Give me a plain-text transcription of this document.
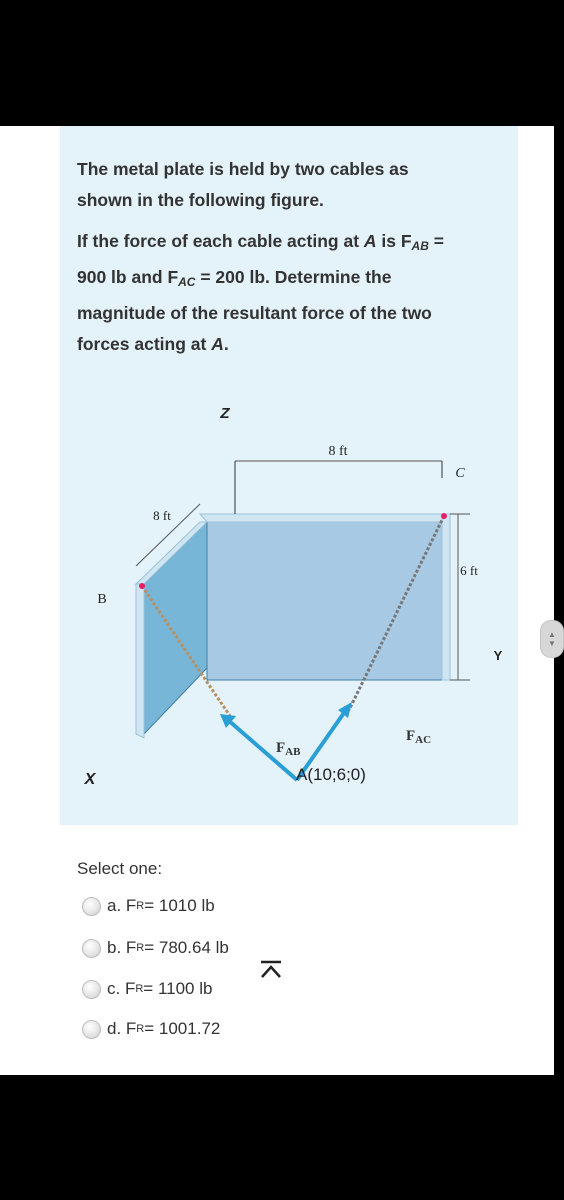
The metal plate is held by two cables as
shown in the following figure.
If the force of each cable acting at A is $F_{AB}$ =
900 lb and $F_{AC} = 200$ lb. Determine the
magnitude of the resultant force of the two
forces acting at A.
Z
X
Y
B
C
8 ft
8 ft
6 ft
$F_{AB}$
$F_{AC}$
A(10;6;0)
Select one:
a. F R = 1010 lb
b. F R = 780.64 lb
c. F R = 1100 lb
d. F R = 1001.72
▲
▼
